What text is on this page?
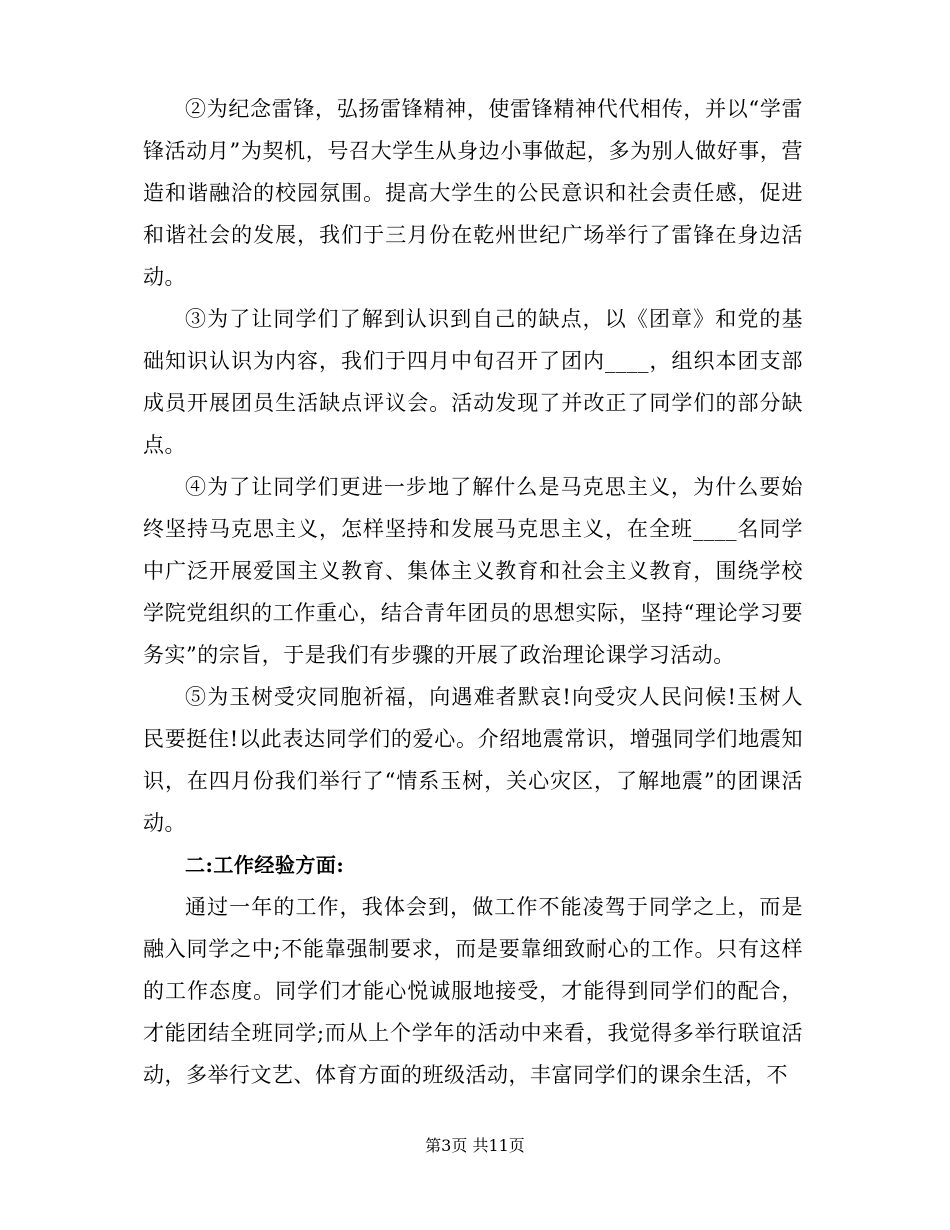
②为纪念雷锋，弘扬雷锋精神，使雷锋精神代代相传，并以“学雷锋活动月”为契机，号召大学生从身边小事做起，多为别人做好事，营造和谐融洽的校园氛围。提高大学生的公民意识和社会责任感，促进和谐社会的发展，我们于三月份在乾州世纪广场举行了雷锋在身边活动。

③为了让同学们了解到认识到自己的缺点，以《团章》和党的基础知识认识为内容，我们于四月中旬召开了团内____，组织本团支部成员开展团员生活缺点评议会。活动发现了并改正了同学们的部分缺点。

④为了让同学们更进一步地了解什么是马克思主义，为什么要始终坚持马克思主义，怎样坚持和发展马克思主义，在全班____名同学中广泛开展爱国主义教育、集体主义教育和社会主义教育，围绕学校学院党组织的工作重心，结合青年团员的思想实际，坚持“理论学习要务实”的宗旨，于是我们有步骤的开展了政治理论课学习活动。

⑤为玉树受灾同胞祈福，向遇难者默哀!向受灾人民问候!玉树人民要挺住!以此表达同学们的爱心。介绍地震常识，增强同学们地震知识，在四月份我们举行了“情系玉树，关心灾区，了解地震”的团课活动。

二:工作经验方面:

通过一年的工作，我体会到，做工作不能凌驾于同学之上，而是融入同学之中;不能靠强制要求，而是要靠细致耐心的工作。只有这样的工作态度。同学们才能心悦诚服地接受，才能得到同学们的配合，才能团结全班同学;而从上个学年的活动中来看，我觉得多举行联谊活动，多举行文艺、体育方面的班级活动，丰富同学们的课余生活，不

第3页 共11页
